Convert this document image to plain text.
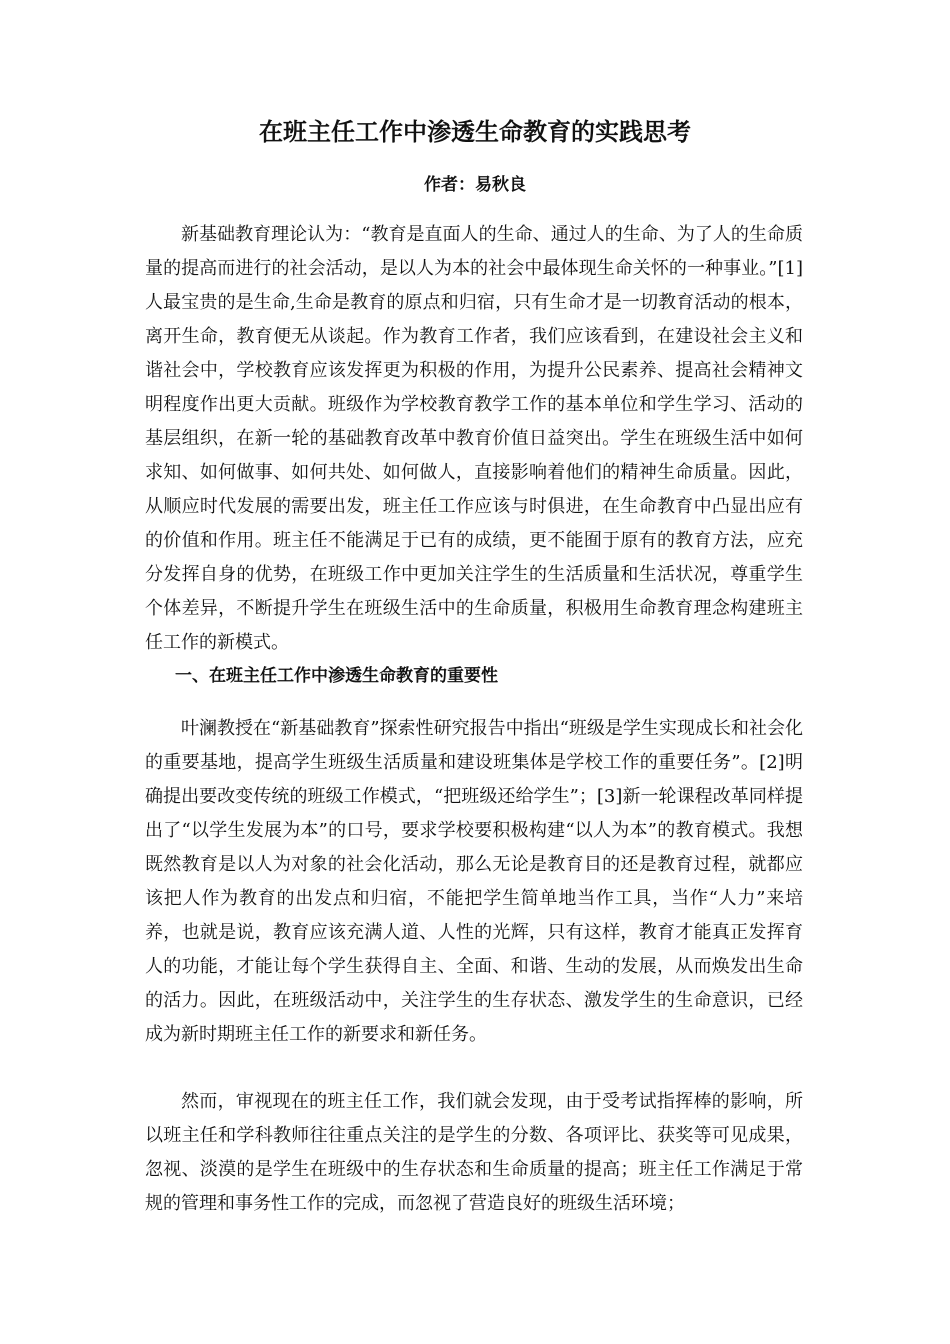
在班主任工作中渗透生命教育的实践思考

作者：易秋良

新基础教育理论认为：“教育是直面人的生命、通过人的生命、为了人的生命质量的提高而进行的社会活动，是以人为本的社会中最体现生命关怀的一种事业。”[1]人最宝贵的是生命,生命是教育的原点和归宿，只有生命才是一切教育活动的根本，离开生命，教育便无从谈起。作为教育工作者，我们应该看到，在建设社会主义和谐社会中，学校教育应该发挥更为积极的作用，为提升公民素养、提高社会精神文明程度作出更大贡献。班级作为学校教育教学工作的基本单位和学生学习、活动的基层组织，在新一轮的基础教育改革中教育价值日益突出。学生在班级生活中如何求知、如何做事、如何共处、如何做人，直接影响着他们的精神生命质量。因此，从顺应时代发展的需要出发，班主任工作应该与时俱进，在生命教育中凸显出应有的价值和作用。班主任不能满足于已有的成绩，更不能囿于原有的教育方法，应充分发挥自身的优势，在班级工作中更加关注学生的生活质量和生活状况，尊重学生个体差异，不断提升学生在班级生活中的生命质量，积极用生命教育理念构建班主任工作的新模式。

一、在班主任工作中渗透生命教育的重要性

叶澜教授在“新基础教育”探索性研究报告中指出“班级是学生实现成长和社会化的重要基地，提高学生班级生活质量和建设班集体是学校工作的重要任务”。[2]明确提出要改变传统的班级工作模式，“把班级还给学生”；[3]新一轮课程改革同样提出了“以学生发展为本”的口号，要求学校要积极构建“以人为本”的教育模式。我想既然教育是以人为对象的社会化活动，那么无论是教育目的还是教育过程，就都应该把人作为教育的出发点和归宿，不能把学生简单地当作工具，当作“人力”来培养，也就是说，教育应该充满人道、人性的光辉，只有这样，教育才能真正发挥育人的功能，才能让每个学生获得自主、全面、和谐、生动的发展，从而焕发出生命的活力。因此，在班级活动中，关注学生的生存状态、激发学生的生命意识，已经成为新时期班主任工作的新要求和新任务。

然而，审视现在的班主任工作，我们就会发现，由于受考试指挥棒的影响，所以班主任和学科教师往往重点关注的是学生的分数、各项评比、获奖等可见成果，忽视、淡漠的是学生在班级中的生存状态和生命质量的提高；班主任工作满足于常规的管理和事务性工作的完成，而忽视了营造良好的班级生活环境；
